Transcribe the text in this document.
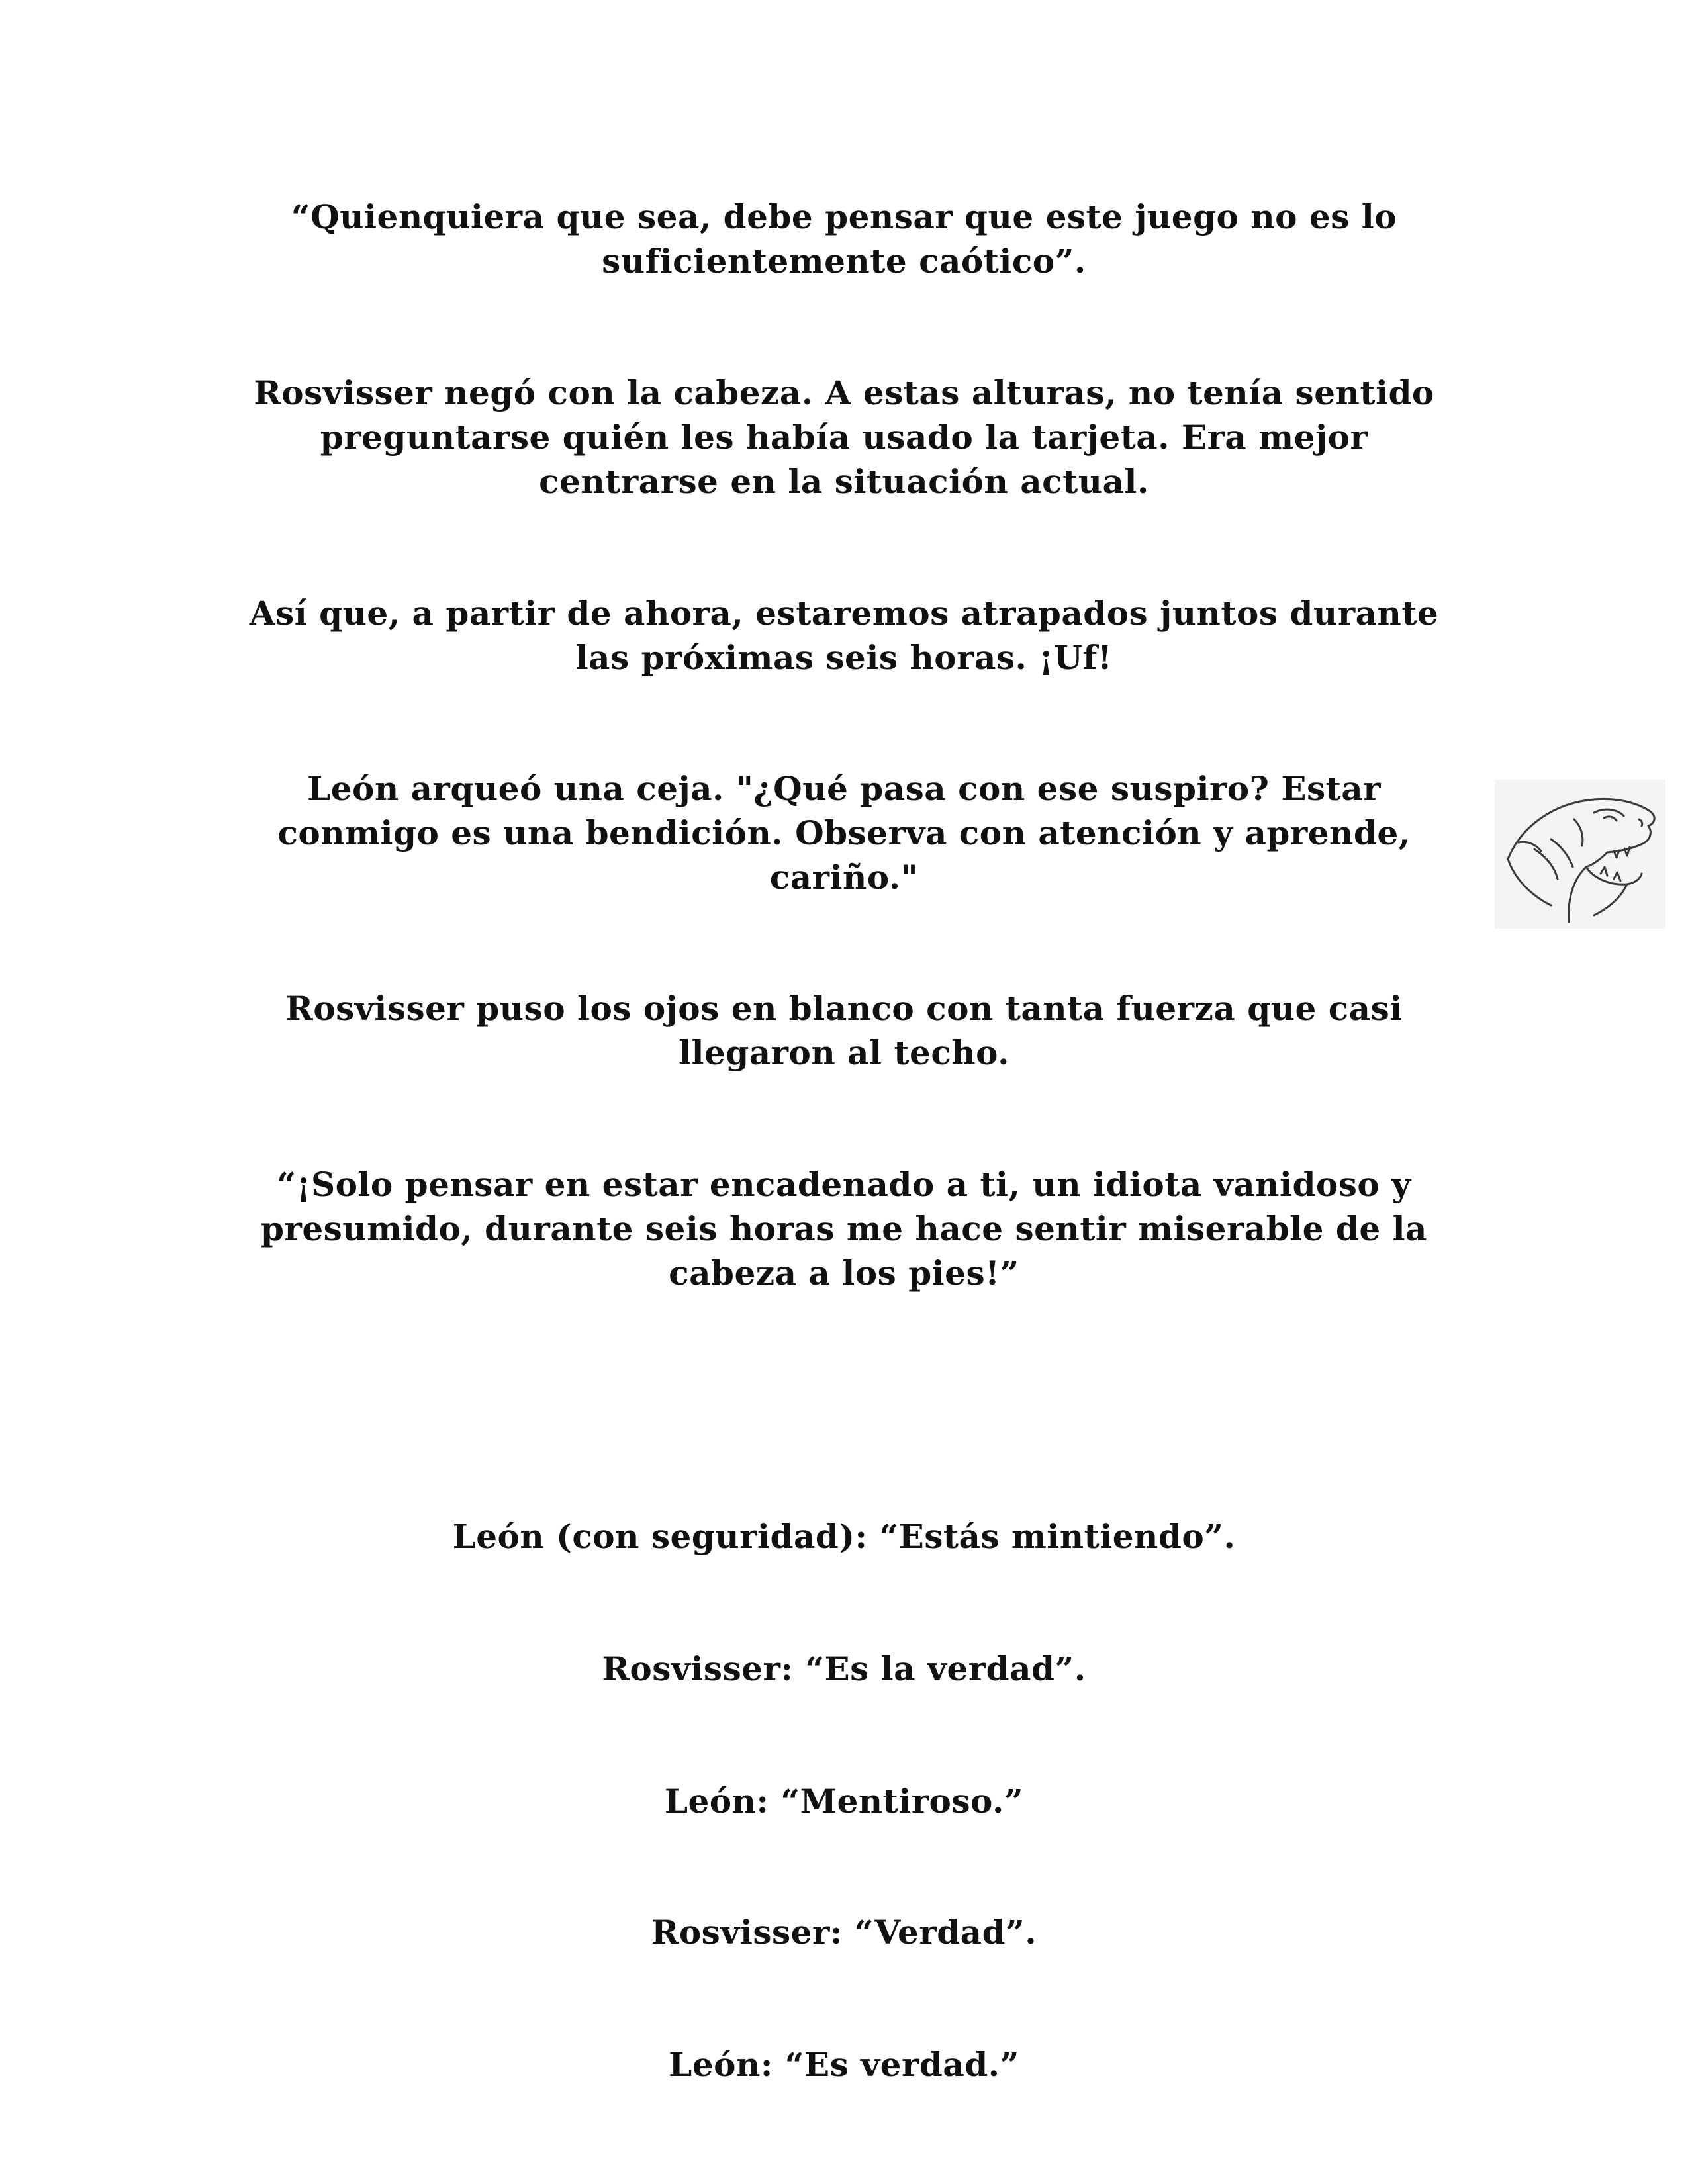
“Quienquiera que sea, debe pensar que este juego no es lo suficientemente caótico”.

Rosvisser negó con la cabeza. A estas alturas, no tenía sentido preguntarse quién les había usado la tarjeta. Era mejor centrarse en la situación actual.

Así que, a partir de ahora, estaremos atrapados juntos durante las próximas seis horas. ¡Uf!

León arqueó una ceja. "¿Qué pasa con ese suspiro? Estar conmigo es una bendición. Observa con atención y aprende, cariño."

Rosvisser puso los ojos en blanco con tanta fuerza que casi llegaron al techo.

“¡Solo pensar en estar encadenado a ti, un idiota vanidoso y presumido, durante seis horas me hace sentir miserable de la cabeza a los pies!”

León (con seguridad): “Estás mintiendo”.

Rosvisser: “Es la verdad”.

León: “Mentiroso.”

Rosvisser: “Verdad”.

León: “Es verdad.”
